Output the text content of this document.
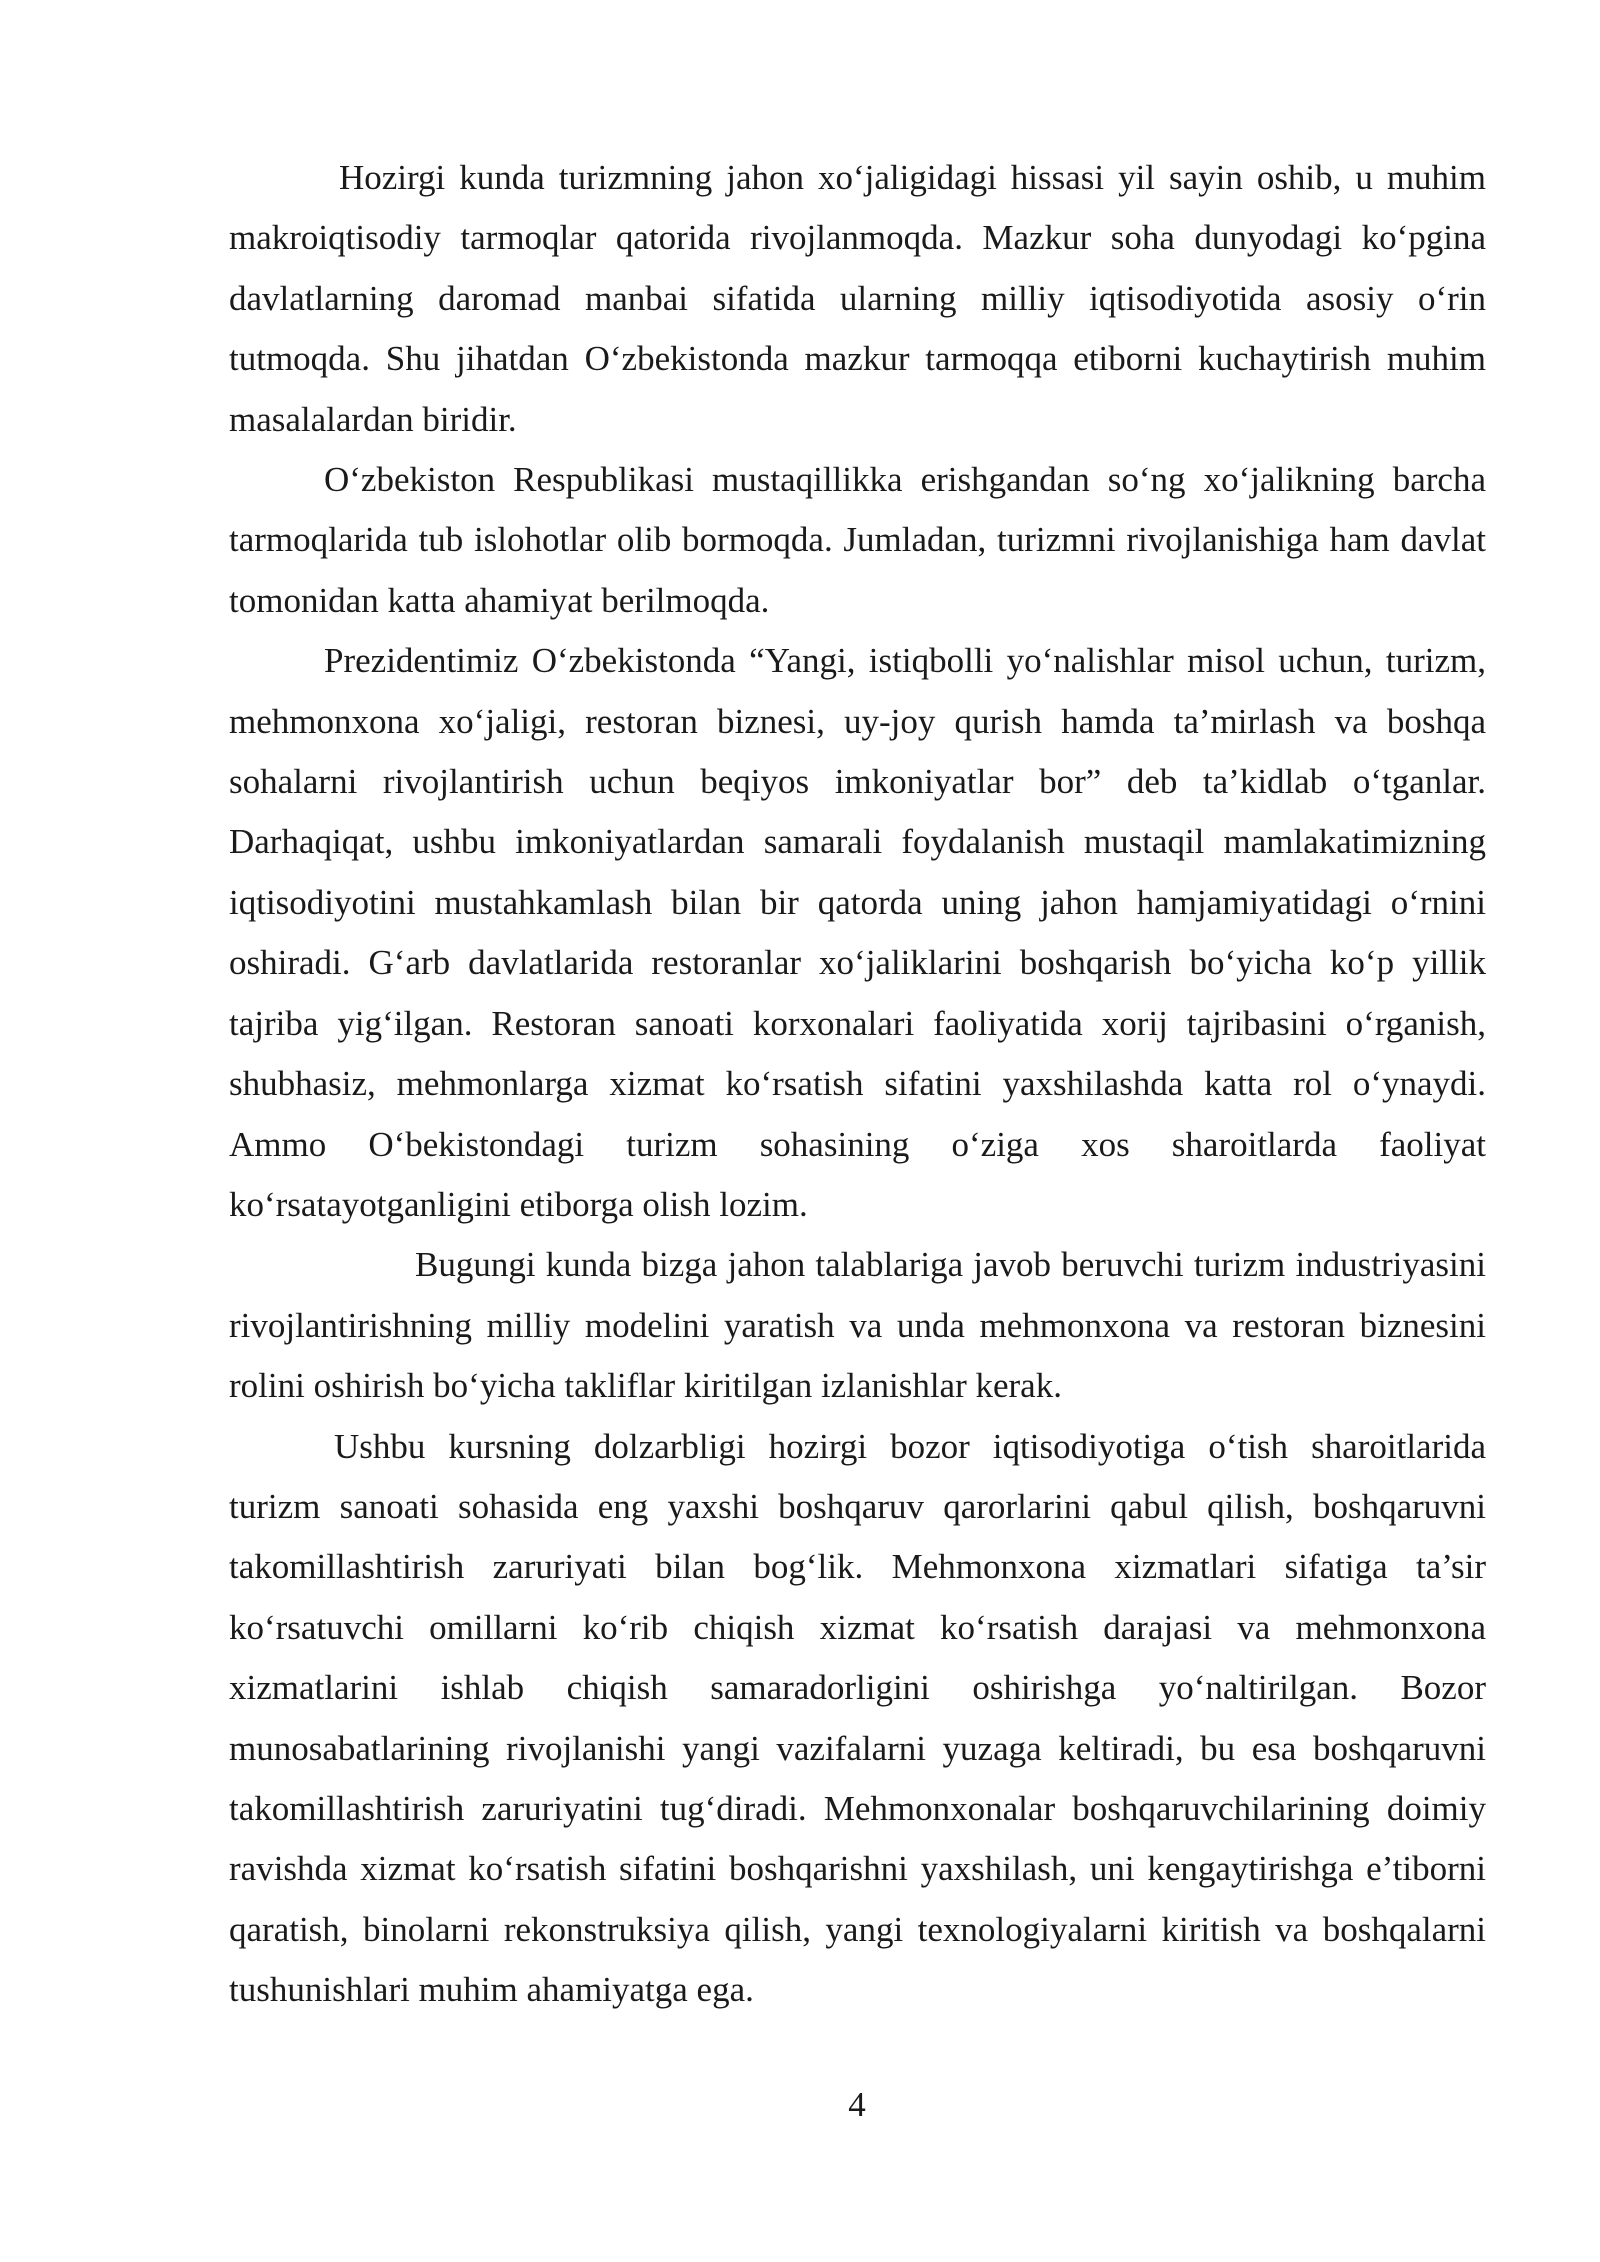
Hozirgi kunda turizmning jahon xo‘jaligidagi hissasi yil sayin oshib, u muhim makroiqtisodiy tarmoqlar qatorida rivojlanmoqda. Mazkur soha dunyodagi ko‘pgina davlatlarning daromad manbai sifatida ularning milliy iqtisodiyotida asosiy o‘rin tutmoqda. Shu jihatdan O‘zbekistonda mazkur tarmoqqa etiborni kuchaytirish muhim masalalardan biridir.

O‘zbekiston Respublikasi mustaqillikka erishgandan so‘ng xo‘jalikning barcha tarmoqlarida tub islohotlar olib bormoqda. Jumladan, turizmni rivojlanishiga ham davlat tomonidan katta ahamiyat berilmoqda.

Prezidentimiz O‘zbekistonda “Yangi, istiqbolli yo‘nalishlar misol uchun, turizm, mehmonxona xo‘jaligi, restoran biznesi, uy-joy qurish hamda ta’mirlash va boshqa sohalarni rivojlantirish uchun beqiyos imkoniyatlar bor” deb ta’kidlab o‘tganlar. Darhaqiqat, ushbu imkoniyatlardan samarali foydalanish mustaqil mamlakatimizning iqtisodiyotini mustahkamlash bilan bir qatorda uning jahon hamjamiyatidagi o‘rnini oshiradi. G‘arb davlatlarida restoranlar xo‘jaliklarini boshqarish bo‘yicha ko‘p yillik tajriba yig‘ilgan. Restoran sanoati korxonalari faoliyatida xorij tajribasini o‘rganish, shubhasiz, mehmonlarga xizmat ko‘rsatish sifatini yaxshilashda katta rol o‘ynaydi. Ammo O‘bekistondagi turizm sohasining o‘ziga xos sharoitlarda faoliyat ko‘rsatayotganligini etiborga olish lozim.

Bugungi kunda bizga jahon talablariga javob beruvchi turizm industriyasini rivojlantirishning milliy modelini yaratish va unda mehmonxona va restoran biznesini rolini oshirish bo‘yicha takliflar kiritilgan izlanishlar kerak.

Ushbu kursning dolzarbligi hozirgi bozor iqtisodiyotiga o‘tish sharoitlarida turizm sanoati sohasida eng yaxshi boshqaruv qarorlarini qabul qilish, boshqaruvni takomillashtirish zaruriyati bilan bog‘lik. Mehmonxona xizmatlari sifatiga ta’sir ko‘rsatuvchi omillarni ko‘rib chiqish xizmat ko‘rsatish darajasi va mehmonxona xizmatlarini ishlab chiqish samaradorligini oshirishga yo‘naltirilgan. Bozor munosabatlarining rivojlanishi yangi vazifalarni yuzaga keltiradi, bu esa boshqaruvni takomillashtirish zaruriyatini tug‘diradi. Mehmonxonalar boshqaruvchilarining doimiy ravishda xizmat ko‘rsatish sifatini boshqarishni yaxshilash, uni kengaytirishga e’tiborni qaratish, binolarni rekonstruksiya qilish, yangi texnologiyalarni kiritish va boshqalarni tushunishlari muhim ahamiyatga ega.

4
